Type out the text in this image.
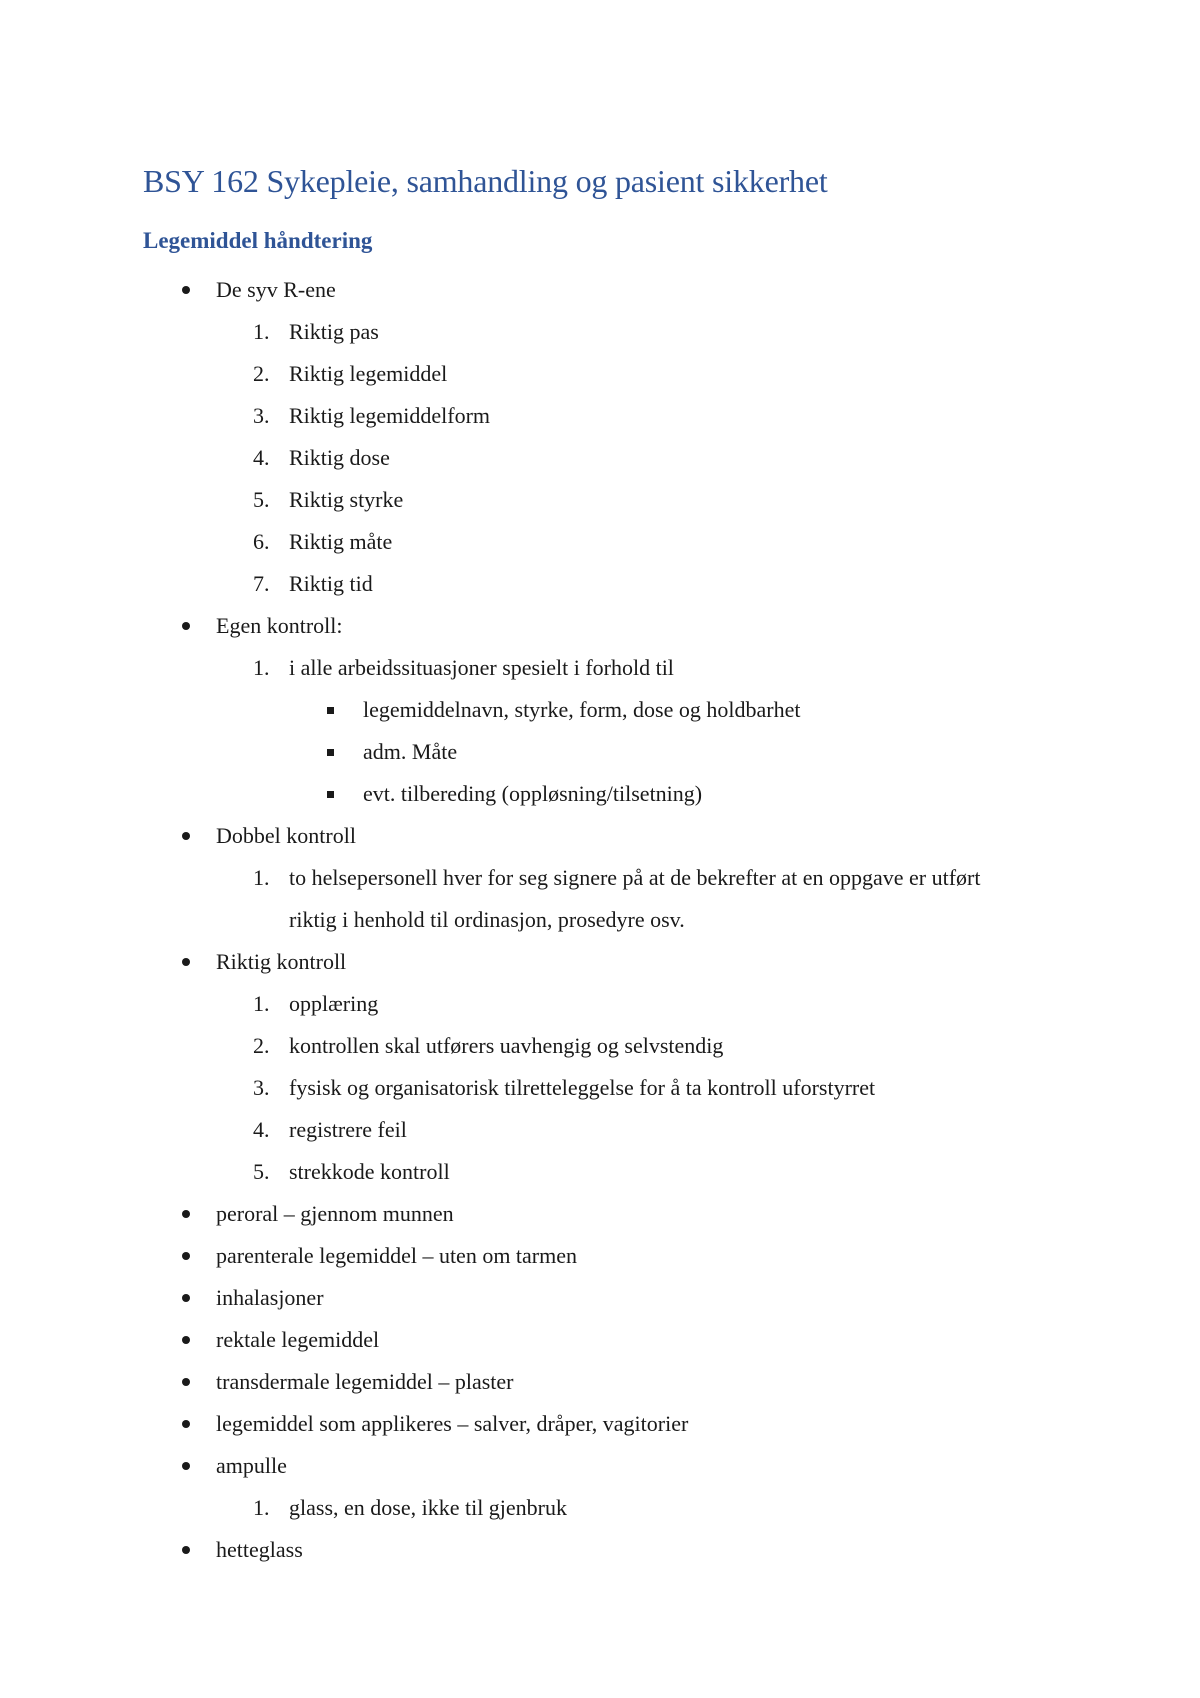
BSY 162 Sykepleie, samhandling og pasient sikkerhet
Legemiddel håndtering
De syv R-ene
1. Riktig pas
2. Riktig legemiddel
3. Riktig legemiddelform
4. Riktig dose
5. Riktig styrke
6. Riktig måte
7. Riktig tid
Egen kontroll:
1. i alle arbeidssituasjoner spesielt i forhold til
legemiddelnavn, styrke, form, dose og holdbarhet
adm. Måte
evt. tilbereding (oppløsning/tilsetning)
Dobbel kontroll
1. to helsepersonell hver for seg signere på at de bekrefter at en oppgave er utført
riktig i henhold til ordinasjon, prosedyre osv.
Riktig kontroll
1. opplæring
2. kontrollen skal utførers uavhengig og selvstendig
3. fysisk og organisatorisk tilretteleggelse for å ta kontroll uforstyrret
4. registrere feil
5. strekkode kontroll
peroral – gjennom munnen
parenterale legemiddel – uten om tarmen
inhalasjoner
rektale legemiddel
transdermale legemiddel – plaster
legemiddel som applikeres – salver, dråper, vagitorier
ampulle
1. glass, en dose, ikke til gjenbruk
hetteglass
